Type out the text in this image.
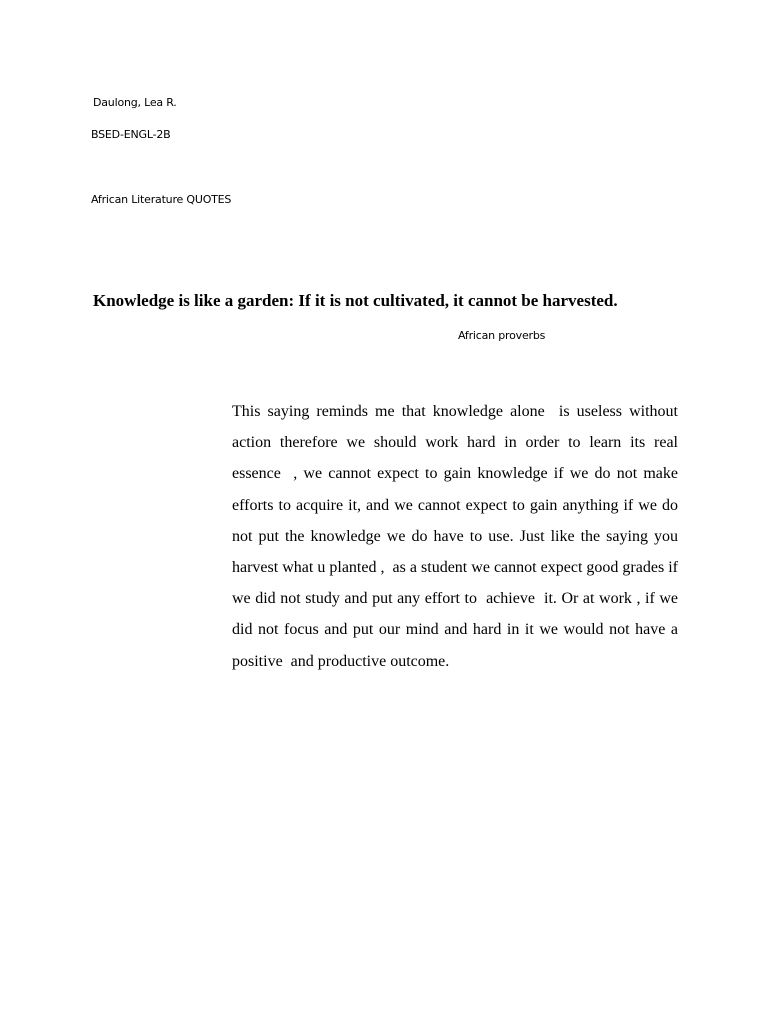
Daulong, Lea R.
BSED-ENGL-2B
African Literature QUOTES
Knowledge is like a garden: If it is not cultivated, it cannot be harvested.
African proverbs

This saying reminds me that knowledge alone  is useless without action therefore we should work hard in order to learn its real essence  , we cannot expect to gain knowledge if we do not make efforts to acquire it, and we cannot expect to gain anything if we do not put the knowledge we do have to use. Just like the saying you  harvest what u planted ,  as a student we cannot expect good grades if we did not study and put any effort to  achieve  it. Or at work , if we did not focus and put our mind and hard in it we would not have a positive  and productive outcome.
